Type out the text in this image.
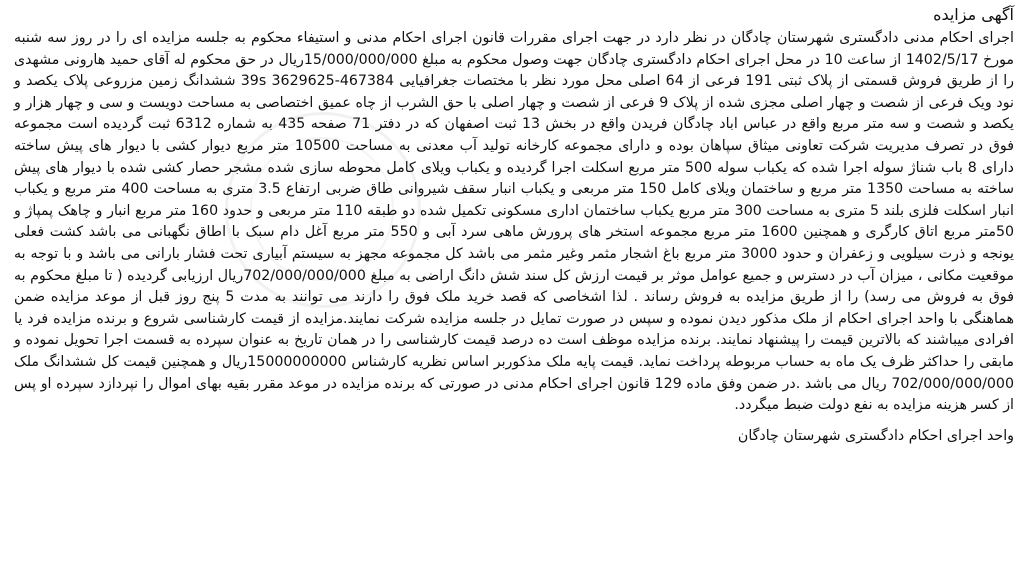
آگهی مزایده

اجرای احکام مدنی دادگستری شهرستان چادگان در نظر دارد در جهت اجرای مقررات قانون اجرای احکام مدنی و استیفاء محکوم به جلسه مزایده ای را در روز سه شنبه مورخ 1402/5/17 از ساعت 10 در محل اجرای احکام دادگستری چادگان جهت وصول محکوم به مبلغ 15/000/000/000ریال در حق محکوم له آقای حمید هارونی مشهدی را از طریق فروش قسمتی از پلاک ثبتی 191 فرعی از 64 اصلی محل مورد نظر با مختصات جغرافیایی 39s 3629625-467384 ششدانگ زمین مزروعی پلاک یکصد و نود ویک فرعی از شصت و چهار اصلی مجزی شده از پلاک 9 فرعی از شصت و چهار اصلی با حق الشرب از چاه عمیق اختصاصی به مساحت دویست و سی و چهار هزار و یکصد و شصت و سه متر مربع واقع در عباس اباد چادگان فریدن واقع در بخش 13 ثبت اصفهان که در دفتر 71 صفحه 435 به شماره 6312 ثبت گردیده است مجموعه فوق در تصرف مدیریت شرکت تعاونی میثاق سپاهان بوده و دارای مجموعه کارخانه تولید آب معدنی به مساحت 10500 متر مربع دیوار کشی با دیوار های پیش ساخته دارای 8 باب شناژ سوله اجرا شده که یکباب سوله 500 متر مربع اسکلت اجرا گردیده و یکباب ویلای کامل محوطه سازی شده مشجر حصار کشی شده با دیوار های پیش ساخته به مساحت 1350 متر مربع و ساختمان ویلای کامل 150 متر مربعی و یکباب انبار سقف شیروانی طاق ضربی ارتفاع 3.5 متری به مساحت 400 متر مربع و یکباب انبار اسکلت فلزی بلند 5 متری به مساحت 300 متر مربع یکباب ساختمان اداری مسکونی تکمیل شده دو طبقه 110 متر مربعی و حدود 160 متر مربع انبار و چاهک پمپاژ و 50متر مربع اتاق کارگری و همچنین 1600 متر مربع مجموعه استخر های پرورش ماهی سرد آبی و 550 متر مربع آغل دام سبک با اطاق نگهبانی می باشد کشت فعلی یونجه و ذرت سیلویی و زعفران و حدود 3000 متر مربع باغ اشجار مثمر وغیر مثمر می باشد کل مجموعه مجهز به سیستم آبیاری تحت فشار بارانی می باشد و با توجه به موقعیت مکانی ، میزان آب در دسترس و جمیع عوامل موثر بر قیمت ارزش کل سند شش دانگ اراضی به مبلغ 702/000/000/000ریال ارزیابی گردیده ( تا مبلغ محکوم به فوق به فروش می رسد) را از طریق مزایده به فروش رساند . لذا اشخاصی که قصد خرید ملک فوق را دارند می توانند به مدت 5 پنج روز قبل از موعد مزایده ضمن هماهنگی با واحد اجرای احکام از ملک مذکور دیدن نموده و سپس در صورت تمایل در جلسه مزایده شرکت نمایند.مزایده از قیمت کارشناسی شروع و برنده مزایده فرد یا افرادی میباشند که بالاترین قیمت را پیشنهاد نمایند. برنده مزایده موظف است ده درصد قیمت کارشناسی را در همان تاریخ به عنوان سپرده به قسمت اجرا تحویل نموده و مابقی را حداکثر ظرف یک ماه به حساب مربوطه پرداخت نماید. قیمت پایه ملک مذکوربر اساس نظریه کارشناس 15000000000ریال و همچنین قیمت کل ششدانگ ملک 702/000/000/000 ریال می باشد .در ضمن وفق ماده 129 قانون اجرای احکام مدنی در صورتی که برنده مزایده در موعد مقرر بقیه بهای اموال را نپردازد سپرده او پس از کسر هزینه مزایده به نفع دولت ضبط میگردد.

واحد اجرای احکام دادگستری شهرستان چادگان
